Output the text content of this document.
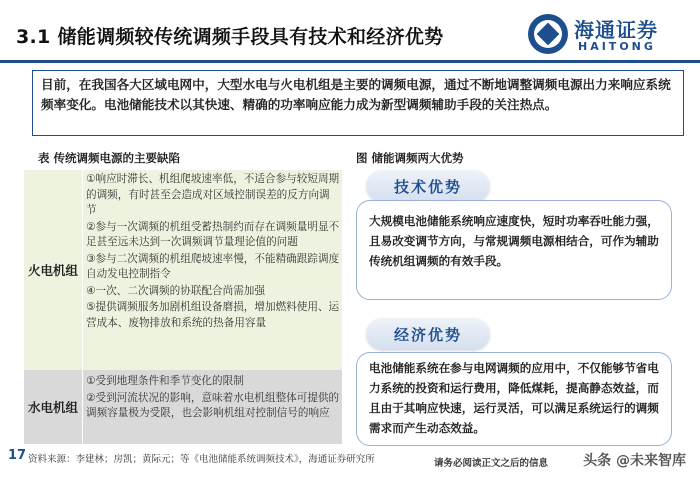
3.1 储能调频较传统调频手段具有技术和经济优势	海通证券
HAITONG
目前，在我国各大区域电网中，大型水电与火电机组是主要的调频电源，通过不断地调整调频电源出力来响应系统频率变化。电池储能技术以其快速、精确的功率响应能力成为新型调频辅助手段的关注热点。
表 传统调频电源的主要缺陷	图 储能调频两大优势
火电机组
①响应时滞长、机组爬坡速率低，不适合参与较短周期的调频，有时甚至会造成对区域控制误差的反方向调节
②参与一次调频的机组受蓄热制约而存在调频量明显不足甚至远未达到一次调频调节量理论值的问题
③参与二次调频的机组爬坡速率慢，不能精确跟踪调度自动发电控制指令
④一次、二次调频的协联配合尚需加强
⑤提供调频服务加剧机组设备磨损，增加燃料使用、运营成本、废物排放和系统的热备用容量
水电机组
①受到地理条件和季节变化的限制
②受到河流状况的影响，意味着水电机组整体可提供的调频容量极为受限，也会影响机组对控制信号的响应
技术优势
大规模电池储能系统响应速度快，短时功率吞吐能力强，且易改变调节方向，与常规调频电源相结合，可作为辅助传统机组调频的有效手段。
经济优势
电池储能系统在参与电网调频的应用中，不仅能够节省电力系统的投资和运行费用，降低煤耗，提高静态效益，而且由于其响应快速，运行灵活，可以满足系统运行的调频需求而产生动态效益。
17 资料来源：李建林；房凯；黄际元；等《电池储能系统调频技术》，海通证券研究所	请务必阅读正文之后的信息	头条 @未来智库
